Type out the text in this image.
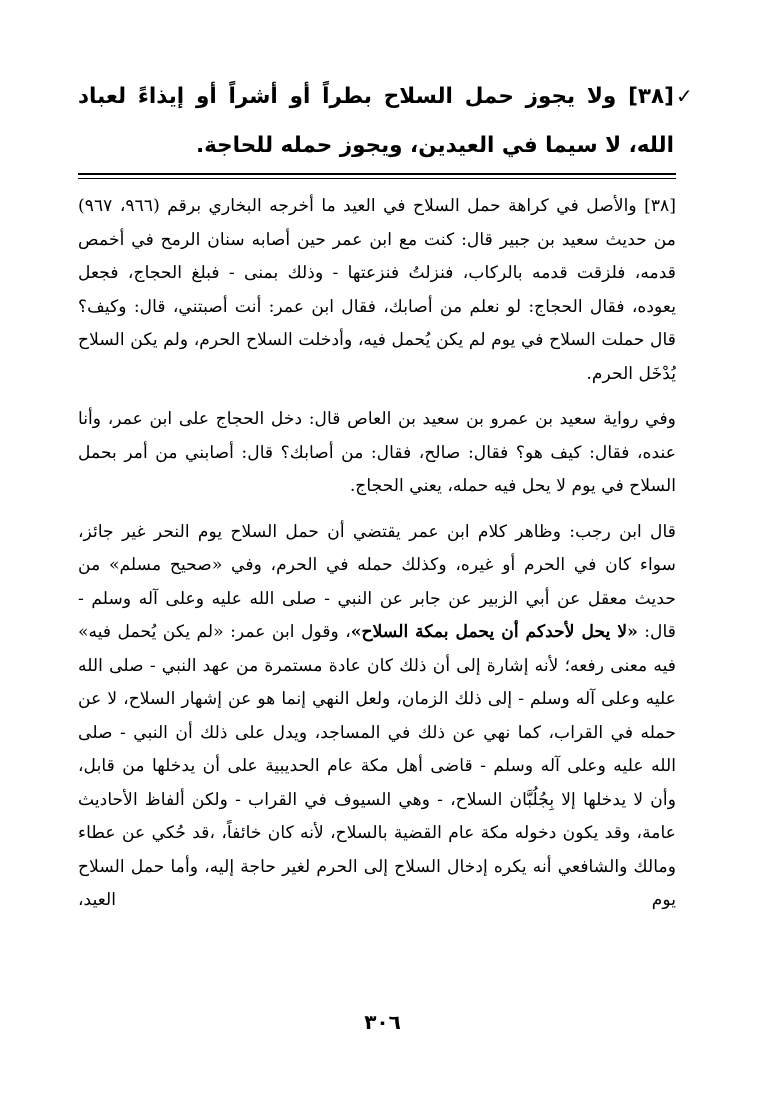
✓

[٣٨] ولا يجوز حمل السلاح بطراً أو أشراً أو إيذاءً لعباد الله، لا سيما في العيدين، ويجوز حمله للحاجة.

[٣٨] والأصل في كراهة حمل السلاح في العيد ما أخرجه البخاري برقم (٩٦٦، ٩٦٧) من حديث سعيد بن جبير قال: كنت مع ابن عمر حين أصابه سنان الرمح في أخمص قدمه، فلزقت قدمه بالركاب، فنزلتُ فنزعتها - وذلك بمنى - فبلغ الحجاج، فجعل يعوده، فقال الحجاج: لو نعلم من أصابك، فقال ابن عمر: أنت أصبتني، قال: وكيف؟ قال حملت السلاح في يوم لم يكن يُحمل فيه، وأدخلت السلاح الحرم، ولم يكن السلاح يُدْخَل الحرم.

وفي رواية سعيد بن عمرو بن سعيد بن العاص قال: دخل الحجاج على ابن عمر، وأنا عنده، فقال: كيف هو؟ فقال: صالح، فقال: من أصابك؟ قال: أصابني من أمر بحمل السلاح في يوم لا يحل فيه حمله، يعني الحجاج.

قال ابن رجب: وظاهر كلام ابن عمر يقتضي أن حمل السلاح يوم النحر غير جائز، سواء كان في الحرم أو غيره، وكذلك حمله في الحرم، وفي «صحيح مسلم» من حديث معقل عن أبي الزبير عن جابر عن النبي - صلى الله عليه وعلى آله وسلم - قال: «لا يحل لأحدكم أن يحمل بمكة السلاح»، وقول ابن عمر: «لم يكن يُحمل فيه» فيه معنى رفعه؛ لأنه إشارة إلى أن ذلك كان عادة مستمرة من عهد النبي - صلى الله عليه وعلى آله وسلم - إلى ذلك الزمان، ولعل النهي إنما هو عن إشهار السلاح، لا عن حمله في القراب، كما نهي عن ذلك في المساجد، ويدل على ذلك أن النبي - صلى الله عليه وعلى آله وسلم - قاضى أهل مكة عام الحديبية على أن يدخلها من قابل، وأن لا يدخلها إلا بِجُلُبَّان السلاح، - وهي السيوف في القراب - ولكن ألفاظ الأحاديث عامة، وقد يكون دخوله مكة عام القضية بالسلاح، لأنه كان خائفاً، ،قد حُكي عن عطاء ومالك والشافعي أنه يكره إدخال السلاح إلى الحرم لغير حاجة إليه، وأما حمل السلاح يوم العيد،

٣٠٦
